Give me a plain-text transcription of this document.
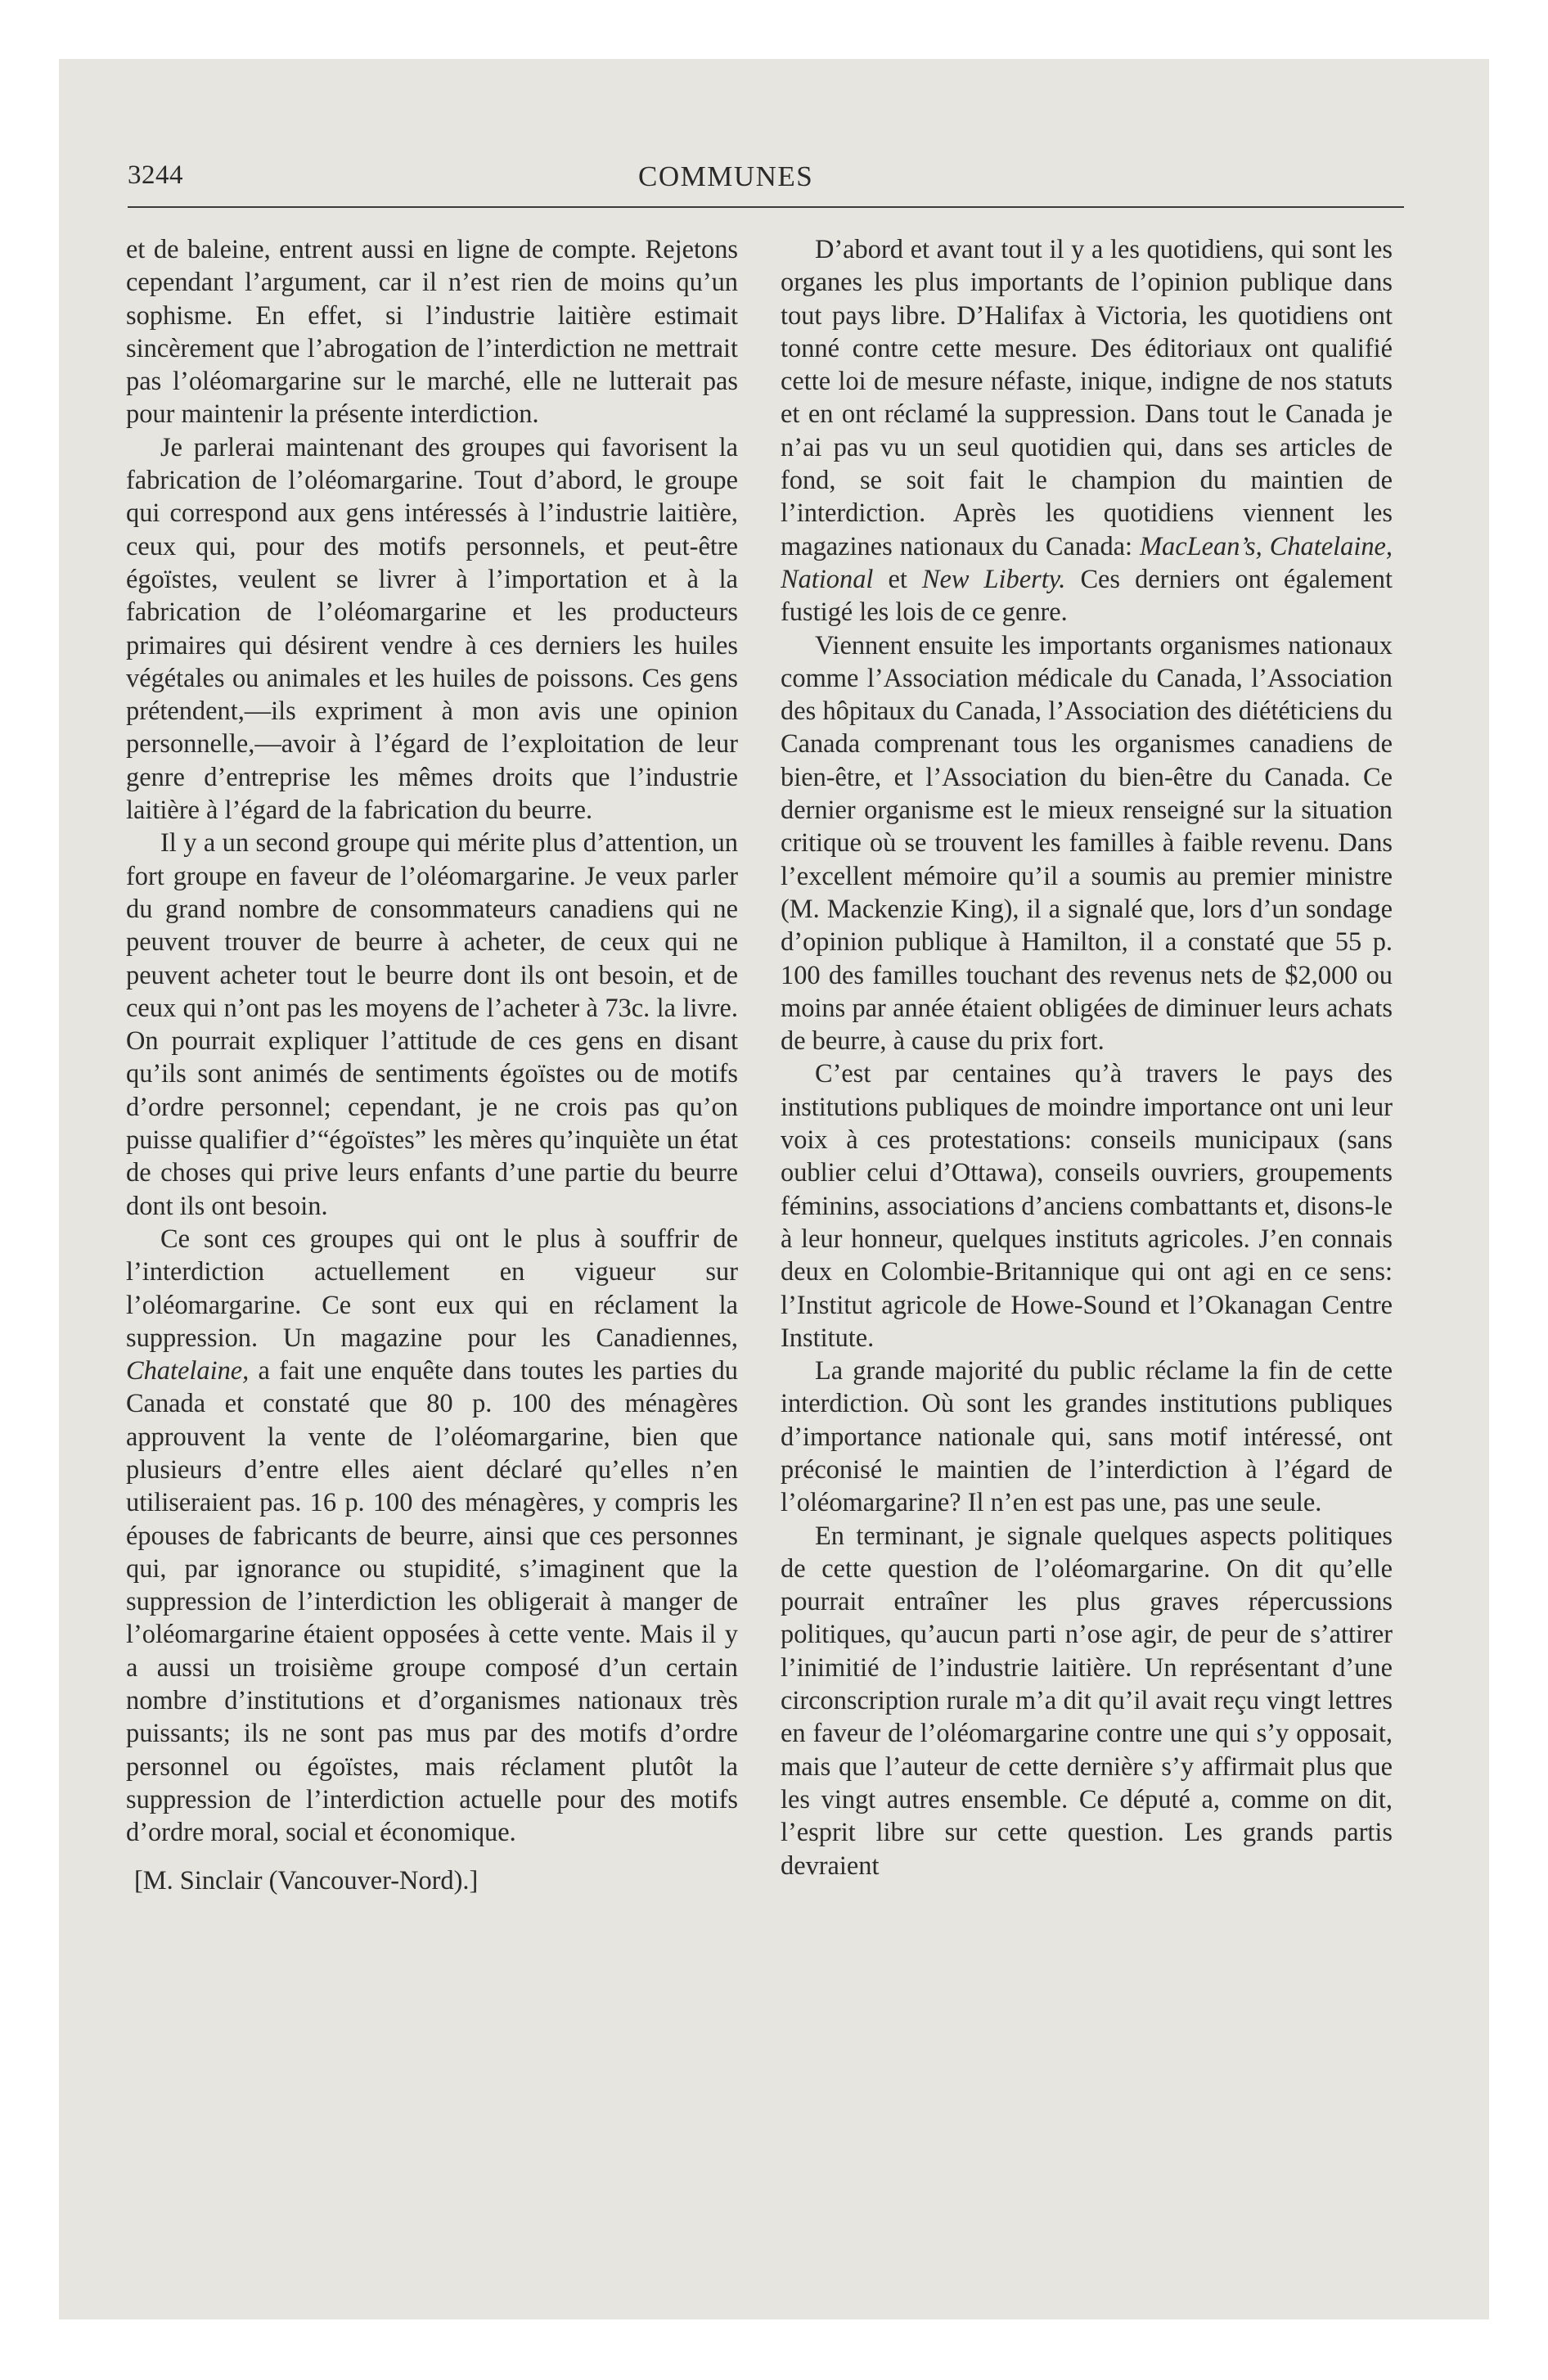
3244	COMMUNES

et de baleine, entrent aussi en ligne de compte. Rejetons cependant l’argument, car il n’est rien de moins qu’un sophisme. En effet, si l’industrie laitière estimait sincèrement que l’abrogation de l’interdiction ne mettrait pas l’oléomargarine sur le marché, elle ne lutterait pas pour maintenir la présente interdiction.

Je parlerai maintenant des groupes qui favorisent la fabrication de l’oléomargarine. Tout d’abord, le groupe qui correspond aux gens intéressés à l’industrie laitière, ceux qui, pour des motifs personnels, et peut-être égoïstes, veulent se livrer à l’importation et à la fabrication de l’oléomargarine et les producteurs primaires qui désirent vendre à ces derniers les huiles végétales ou animales et les huiles de poissons. Ces gens prétendent,—ils expriment à mon avis une opinion personnelle,—avoir à l’égard de l’exploitation de leur genre d’entreprise les mêmes droits que l’industrie laitière à l’égard de la fabrication du beurre.

Il y a un second groupe qui mérite plus d’attention, un fort groupe en faveur de l’oléomargarine. Je veux parler du grand nombre de consommateurs canadiens qui ne peuvent trouver de beurre à acheter, de ceux qui ne peuvent acheter tout le beurre dont ils ont besoin, et de ceux qui n’ont pas les moyens de l’acheter à 73c. la livre. On pourrait expliquer l’attitude de ces gens en disant qu’ils sont animés de sentiments égoïstes ou de motifs d’ordre personnel; cependant, je ne crois pas qu’on puisse qualifier d’“égoïstes” les mères qu’inquiète un état de choses qui prive leurs enfants d’une partie du beurre dont ils ont besoin.

Ce sont ces groupes qui ont le plus à souffrir de l’interdiction actuellement en vigueur sur l’oléomargarine. Ce sont eux qui en réclament la suppression. Un magazine pour les Canadiennes, Chatelaine, a fait une enquête dans toutes les parties du Canada et constaté que 80 p. 100 des ménagères approuvent la vente de l’oléomargarine, bien que plusieurs d’entre elles aient déclaré qu’elles n’en utiliseraient pas. 16 p. 100 des ménagères, y compris les épouses de fabricants de beurre, ainsi que ces personnes qui, par ignorance ou stupidité, s’imaginent que la suppression de l’interdiction les obligerait à manger de l’oléomargarine étaient opposées à cette vente. Mais il y a aussi un troisième groupe composé d’un certain nombre d’institutions et d’organismes nationaux très puissants; ils ne sont pas mus par des motifs d’ordre personnel ou égoïstes, mais réclament plutôt la suppression de l’interdiction actuelle pour des motifs d’ordre moral, social et économique.

[M. Sinclair (Vancouver-Nord).]

D’abord et avant tout il y a les quotidiens, qui sont les organes les plus importants de l’opinion publique dans tout pays libre. D’Halifax à Victoria, les quotidiens ont tonné contre cette mesure. Des éditoriaux ont qualifié cette loi de mesure néfaste, inique, indigne de nos statuts et en ont réclamé la suppression. Dans tout le Canada je n’ai pas vu un seul quotidien qui, dans ses articles de fond, se soit fait le champion du maintien de l’interdiction. Après les quotidiens viennent les magazines nationaux du Canada: MacLean’s, Chatelaine, National et New Liberty. Ces derniers ont également fustigé les lois de ce genre.

Viennent ensuite les importants organismes nationaux comme l’Association médicale du Canada, l’Association des hôpitaux du Canada, l’Association des diététiciens du Canada comprenant tous les organismes canadiens de bien-être, et l’Association du bien-être du Canada. Ce dernier organisme est le mieux renseigné sur la situation critique où se trouvent les familles à faible revenu. Dans l’excellent mémoire qu’il a soumis au premier ministre (M. Mackenzie King), il a signalé que, lors d’un sondage d’opinion publique à Hamilton, il a constaté que 55 p. 100 des familles touchant des revenus nets de $2,000 ou moins par année étaient obligées de diminuer leurs achats de beurre, à cause du prix fort.

C’est par centaines qu’à travers le pays des institutions publiques de moindre importance ont uni leur voix à ces protestations: conseils municipaux (sans oublier celui d’Ottawa), conseils ouvriers, groupements féminins, associations d’anciens combattants et, disons-le à leur honneur, quelques instituts agricoles. J’en connais deux en Colombie-Britannique qui ont agi en ce sens: l’Institut agricole de Howe-Sound et l’Okanagan Centre Institute.

La grande majorité du public réclame la fin de cette interdiction. Où sont les grandes institutions publiques d’importance nationale qui, sans motif intéressé, ont préconisé le maintien de l’interdiction à l’égard de l’oléomargarine? Il n’en est pas une, pas une seule.

En terminant, je signale quelques aspects politiques de cette question de l’oléomargarine. On dit qu’elle pourrait entraîner les plus graves répercussions politiques, qu’aucun parti n’ose agir, de peur de s’attirer l’inimitié de l’industrie laitière. Un représentant d’une circonscription rurale m’a dit qu’il avait reçu vingt lettres en faveur de l’oléomargarine contre une qui s’y opposait, mais que l’auteur de cette dernière s’y affirmait plus que les vingt autres ensemble. Ce député a, comme on dit, l’esprit libre sur cette question. Les grands partis devraient
